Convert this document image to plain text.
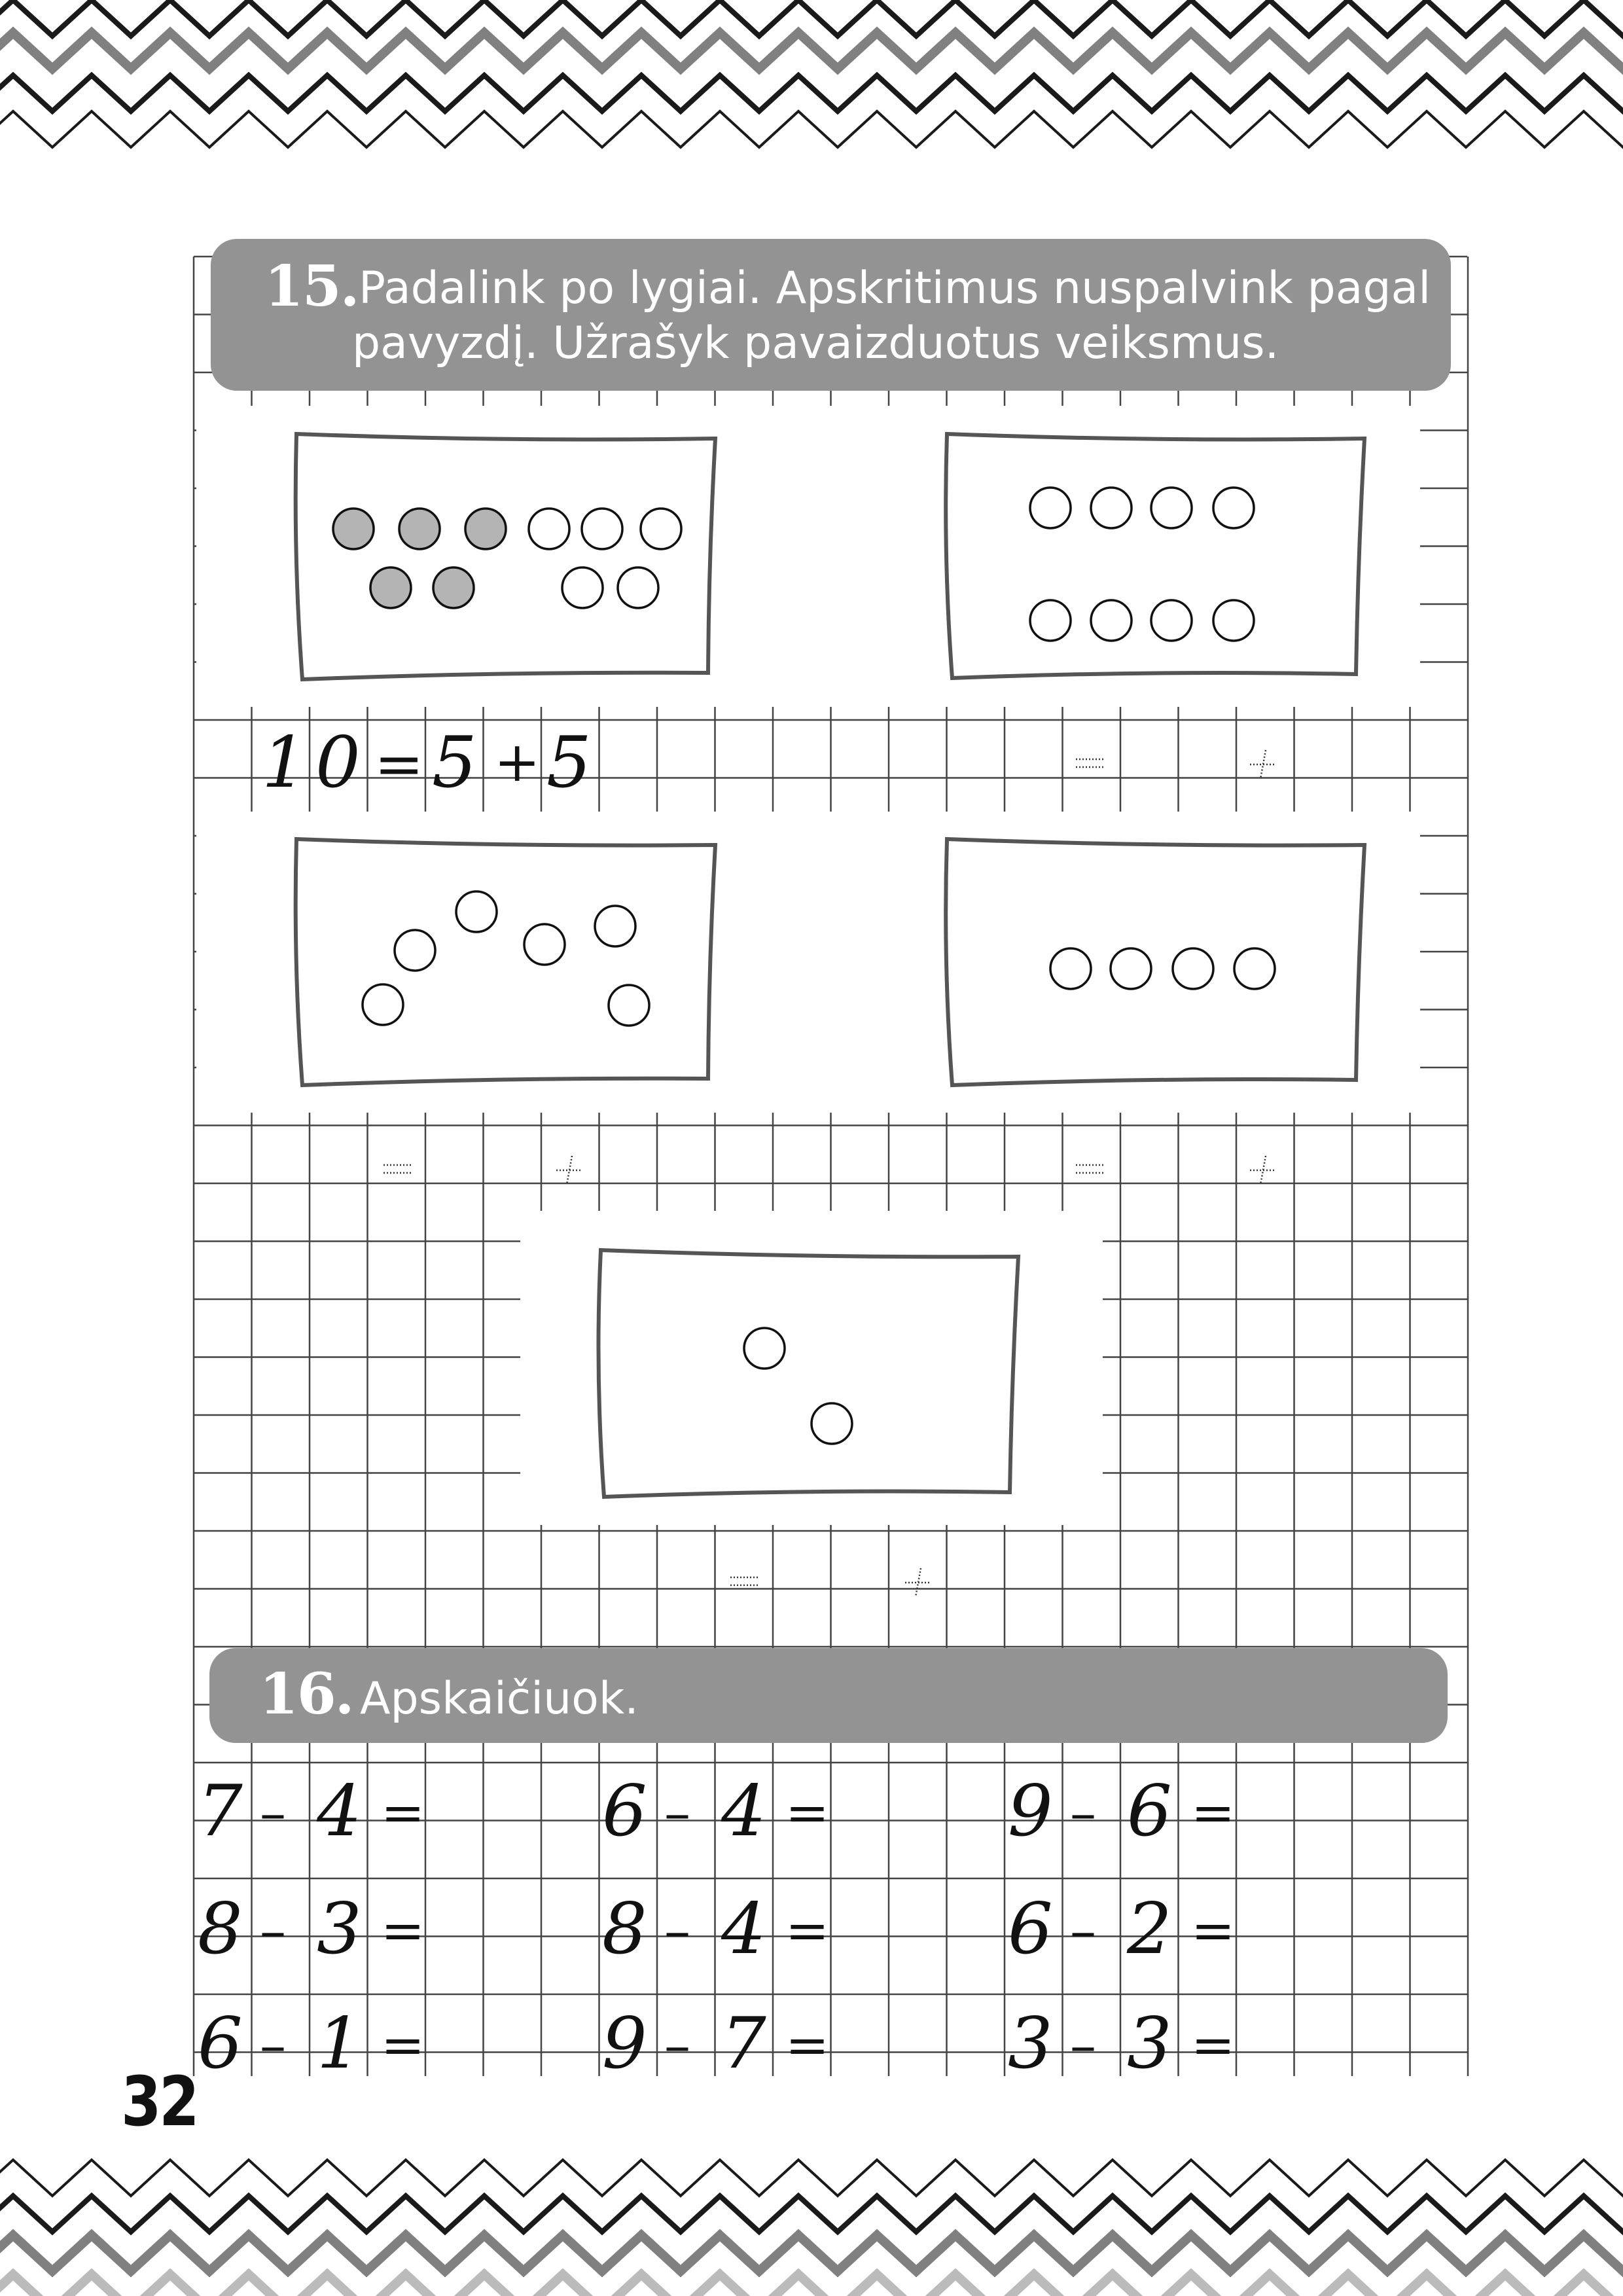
15. Padalink po lygiai. Apskritimus nuspalvink pagal
pavyzdį. Užrašyk pavaizduotus veiksmus.
1 0 = 5 + 5
16. Apskaičiuok.
7 – 4 =	6 – 4 =	9 – 6 =
8 – 3 =	8 – 4 =	6 – 2 =
6 – 1 =	9 – 7 =	3 – 3 =
32
